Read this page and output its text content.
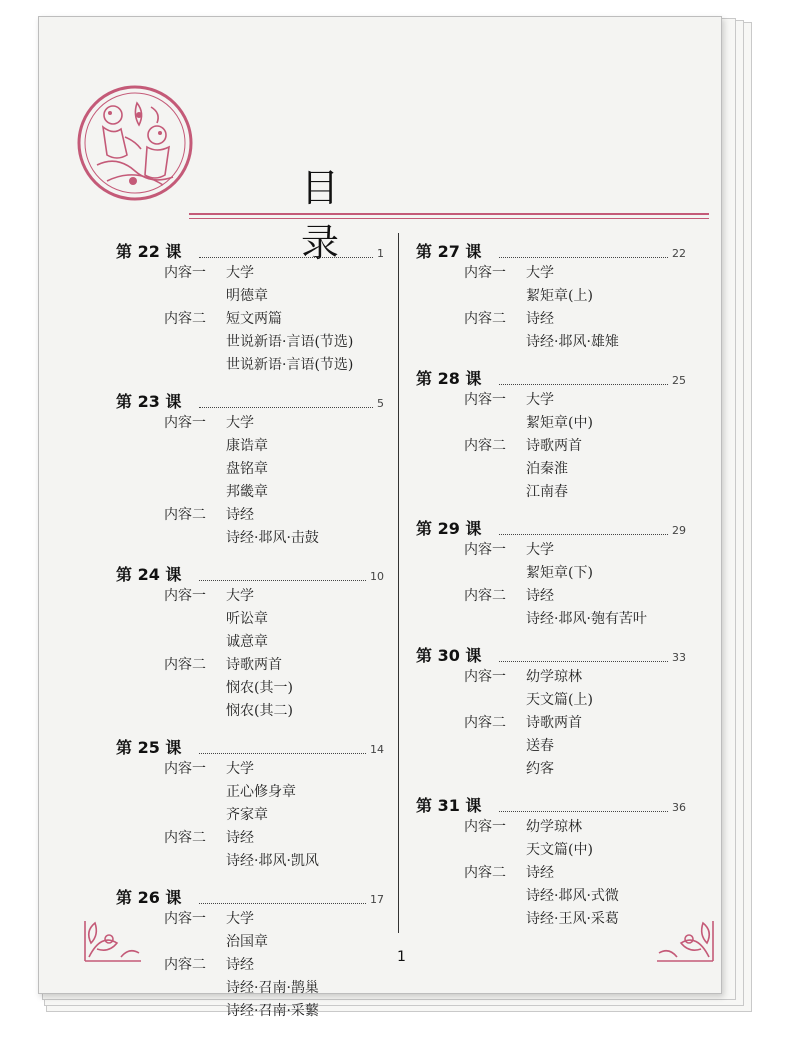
目 录
第 22 课	1
内容一	大学
明德章
内容二	短文两篇
世说新语·言语(节选)
世说新语·言语(节选)
第 23 课	5
内容一	大学
康诰章
盘铭章
邦畿章
内容二	诗经
诗经·邶风·击鼓
第 24 课	10
内容一	大学
听讼章
诚意章
内容二	诗歌两首
悯农(其一)
悯农(其二)
第 25 课	14
内容一	大学
正心修身章
齐家章
内容二	诗经
诗经·邶风·凯风
第 26 课	17
内容一	大学
治国章
内容二	诗经
诗经·召南·鹊巢
诗经·召南·采蘩
第 27 课	22
内容一	大学
絜矩章(上)
内容二	诗经
诗经·邶风·雄雉
第 28 课	25
内容一	大学
絜矩章(中)
内容二	诗歌两首
泊秦淮
江南春
第 29 课	29
内容一	大学
絜矩章(下)
内容二	诗经
诗经·邶风·匏有苦叶
第 30 课	33
内容一	幼学琼林
天文篇(上)
内容二	诗歌两首
送春
约客
第 31 课	36
内容一	幼学琼林
天文篇(中)
内容二	诗经
诗经·邶风·式微
诗经·王风·采葛
1
